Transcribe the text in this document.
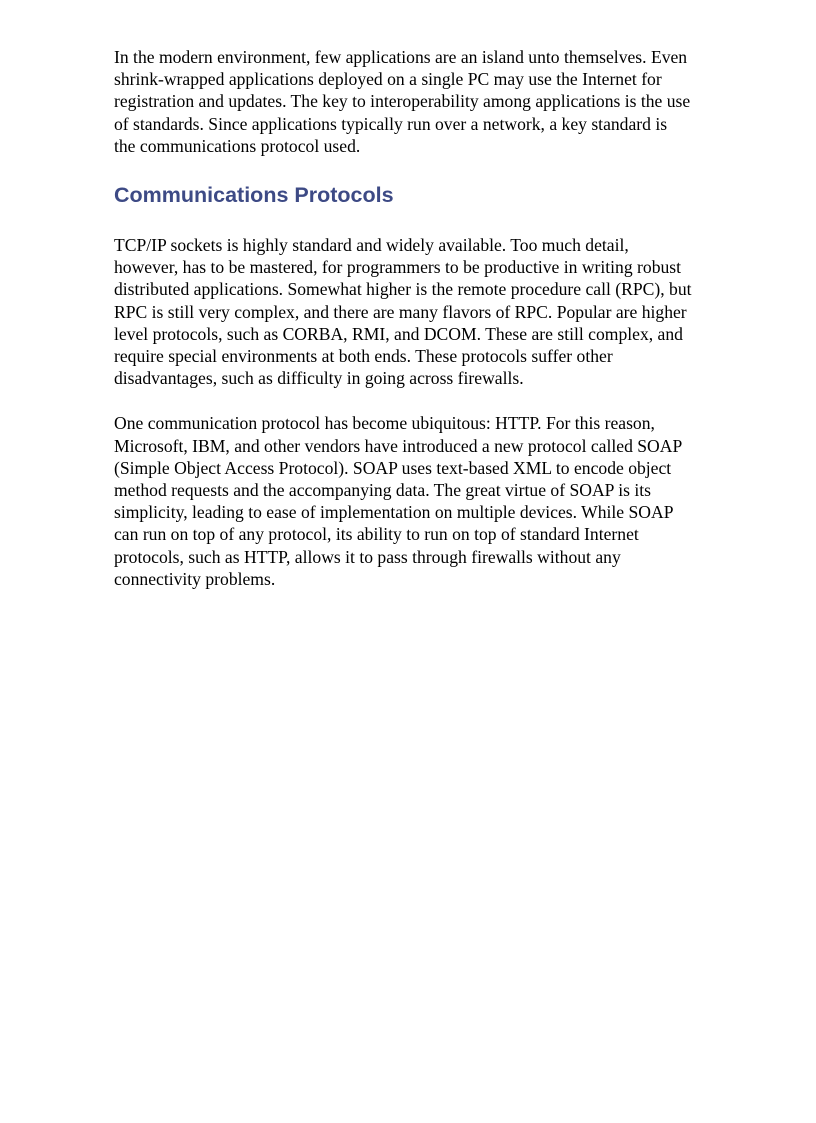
In the modern environment, few applications are an island unto themselves. Even
shrink-wrapped applications deployed on a single PC may use the Internet for
registration and updates. The key to interoperability among applications is the use
of standards. Since applications typically run over a network, a key standard is
the communications protocol used.

Communications Protocols

TCP/IP sockets is highly standard and widely available. Too much detail,
however, has to be mastered, for programmers to be productive in writing robust
distributed applications. Somewhat higher is the remote procedure call (RPC), but
RPC is still very complex, and there are many flavors of RPC. Popular are higher
level protocols, such as CORBA, RMI, and DCOM. These are still complex, and
require special environments at both ends. These protocols suffer other
disadvantages, such as difficulty in going across firewalls.

One communication protocol has become ubiquitous: HTTP. For this reason,
Microsoft, IBM, and other vendors have introduced a new protocol called SOAP
(Simple Object Access Protocol). SOAP uses text-based XML to encode object
method requests and the accompanying data. The great virtue of SOAP is its
simplicity, leading to ease of implementation on multiple devices. While SOAP
can run on top of any protocol, its ability to run on top of standard Internet
protocols, such as HTTP, allows it to pass through firewalls without any
connectivity problems.
